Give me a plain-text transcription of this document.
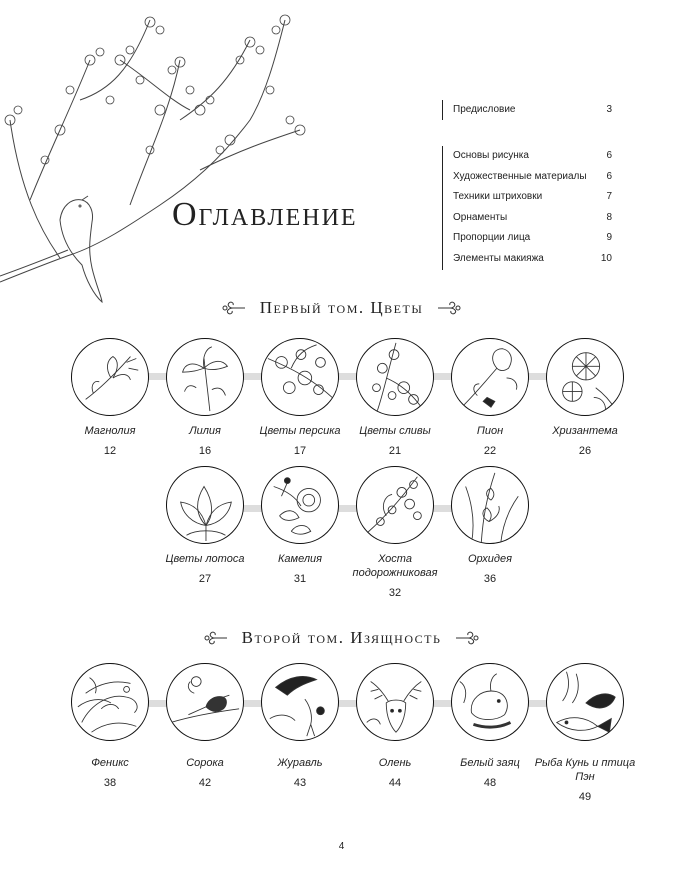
Оглавление
Предисловие	3
Основы рисунка	6
Художественные материалы	6
Техники штриховки	7
Орнаменты	8
Пропорции лица	9
Элементы макияжа	10
Первый том. Цветы
Второй том. Изящность
Магнолия
12
Лилия
16
Цветы персика
17
Цветы сливы
21
Пион
22
Хризантема
26
Цветы лотоса
27
Камелия
31
Хоста подорожниковая
32
Орхидея
36
Феникс
38
Сорока
42
Журавль
43
Олень
44
Белый заяц
48
Рыба Кунь и птица Пэн
49
4
